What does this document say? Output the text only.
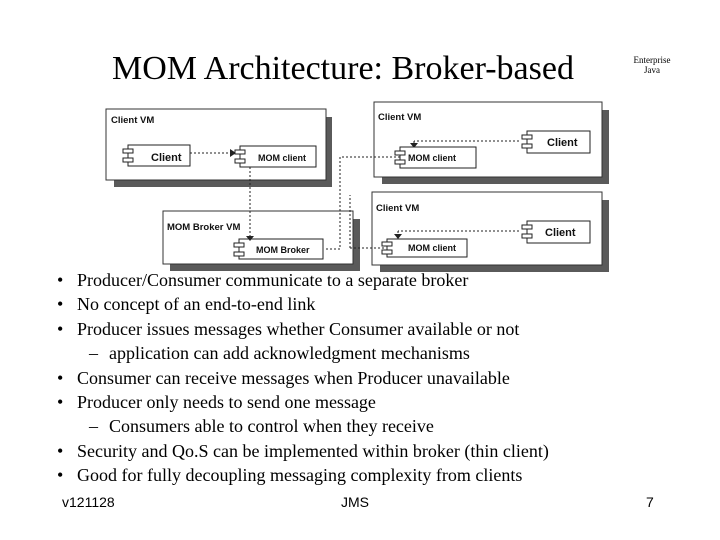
MOM Architecture: Broker-based	Enterprise
Java
Client VM
Client	MOM client
Client VM
Client
MOM client
Client VM
Client
MOM client
MOM Broker VM
MOM Broker
• Producer/Consumer communicate to a separate broker
• No concept of an end-to-end link
• Producer issues messages whether Consumer available or not
– application can add acknowledgment mechanisms
• Consumer can receive messages when Producer unavailable
• Producer only needs to send one message
– Consumers able to control when they receive
• Security and Qo.S can be implemented within broker (thin client)
• Good for fully decoupling messaging complexity from clients
v121128	JMS	7
